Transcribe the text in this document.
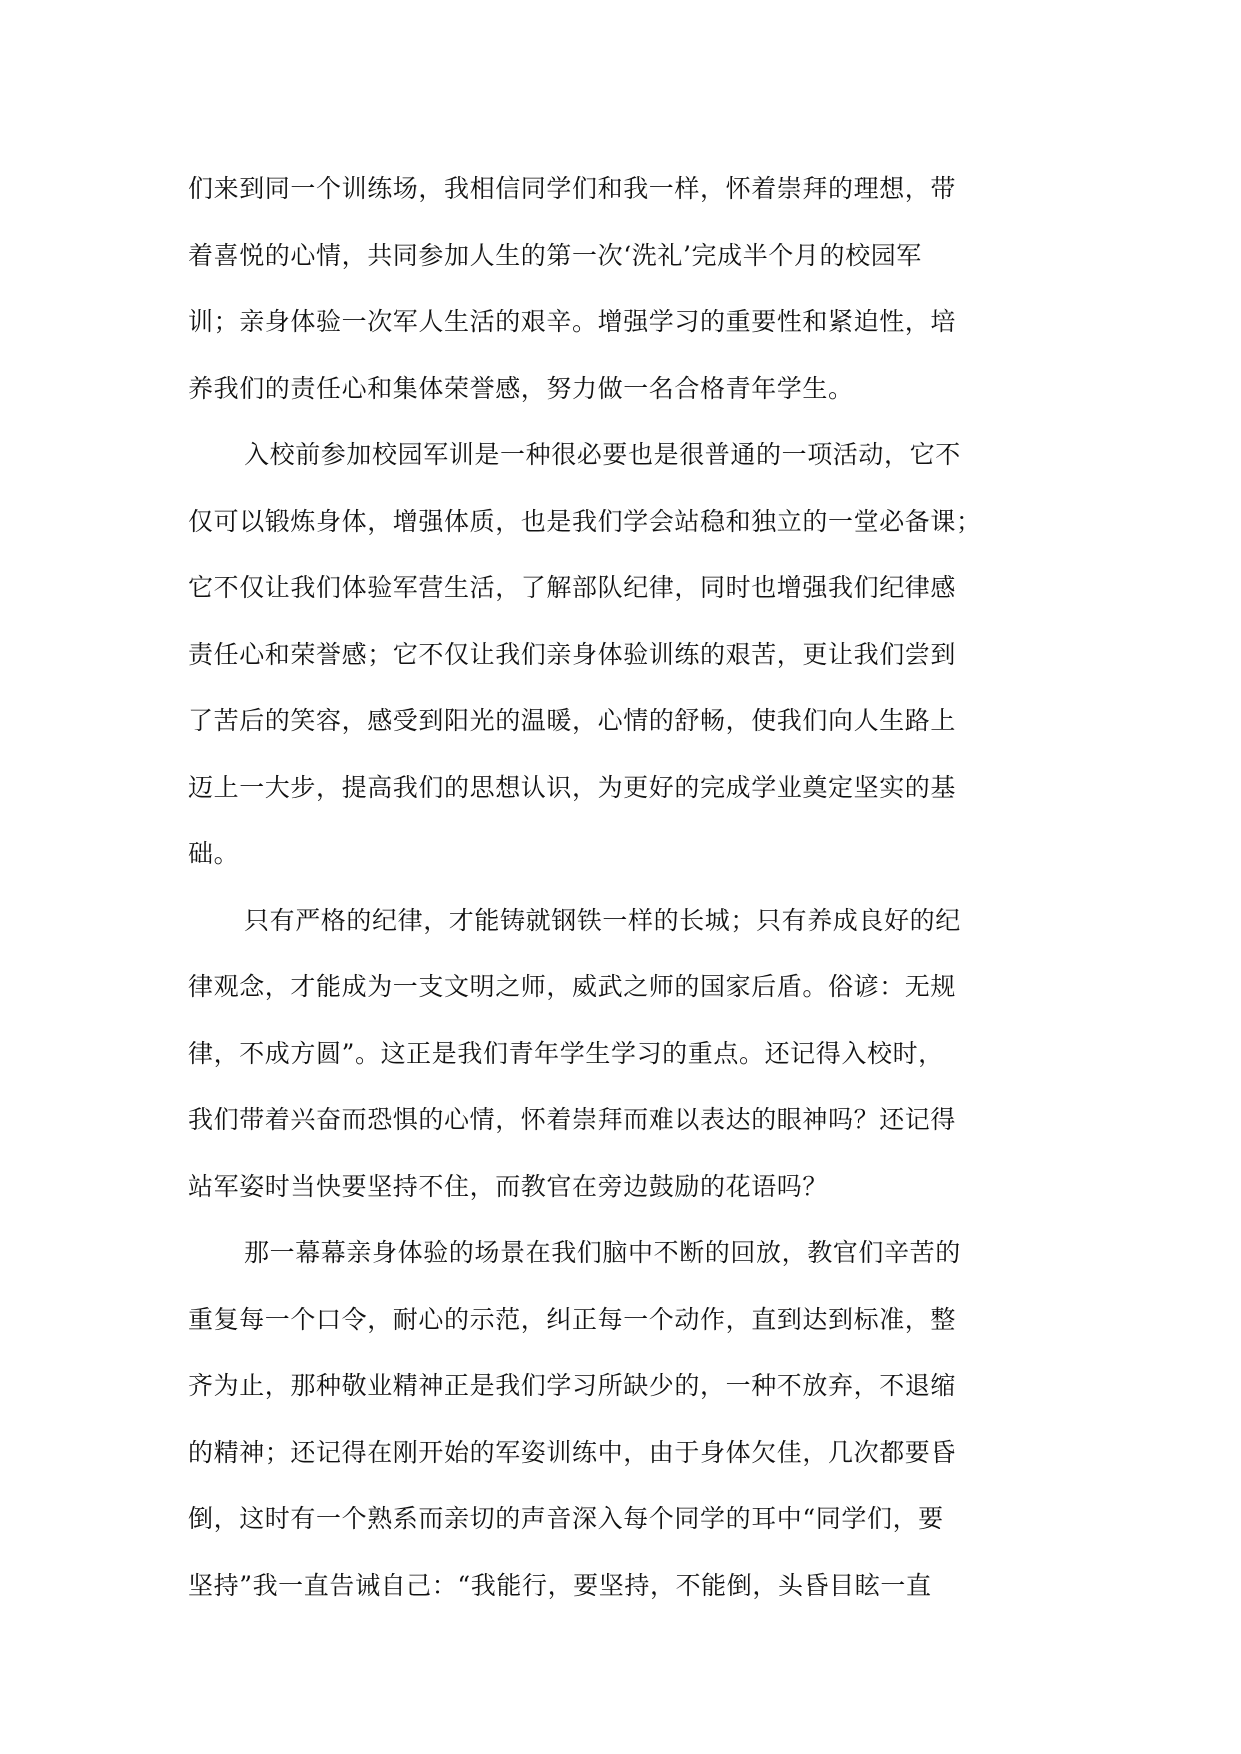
们来到同一个训练场，我相信同学们和我一样，怀着崇拜的理想，带
着喜悦的心情，共同参加人生的第一次‘洗礼’完成半个月的校园军
训；亲身体验一次军人生活的艰辛。增强学习的重要性和紧迫性，培
养我们的责任心和集体荣誉感，努力做一名合格青年学生。
入校前参加校园军训是一种很必要也是很普通的一项活动，它不
仅可以锻炼身体，增强体质，也是我们学会站稳和独立的一堂必备课；
它不仅让我们体验军营生活，了解部队纪律，同时也增强我们纪律感
责任心和荣誉感；它不仅让我们亲身体验训练的艰苦，更让我们尝到
了苦后的笑容，感受到阳光的温暖，心情的舒畅，使我们向人生路上
迈上一大步，提高我们的思想认识，为更好的完成学业奠定坚实的基
础。
只有严格的纪律，才能铸就钢铁一样的长城；只有养成良好的纪
律观念，才能成为一支文明之师，威武之师的国家后盾。俗谚：无规
律，不成方圆”。这正是我们青年学生学习的重点。还记得入校时，
我们带着兴奋而恐惧的心情，怀着崇拜而难以表达的眼神吗？还记得
站军姿时当快要坚持不住，而教官在旁边鼓励的花语吗？
那一幕幕亲身体验的场景在我们脑中不断的回放，教官们辛苦的
重复每一个口令，耐心的示范，纠正每一个动作，直到达到标准，整
齐为止，那种敬业精神正是我们学习所缺少的，一种不放弃，不退缩
的精神；还记得在刚开始的军姿训练中，由于身体欠佳，几次都要昏
倒，这时有一个熟系而亲切的声音深入每个同学的耳中“同学们，要
坚持”我一直告诫自己：“我能行，要坚持，不能倒，头昏目眩一直
